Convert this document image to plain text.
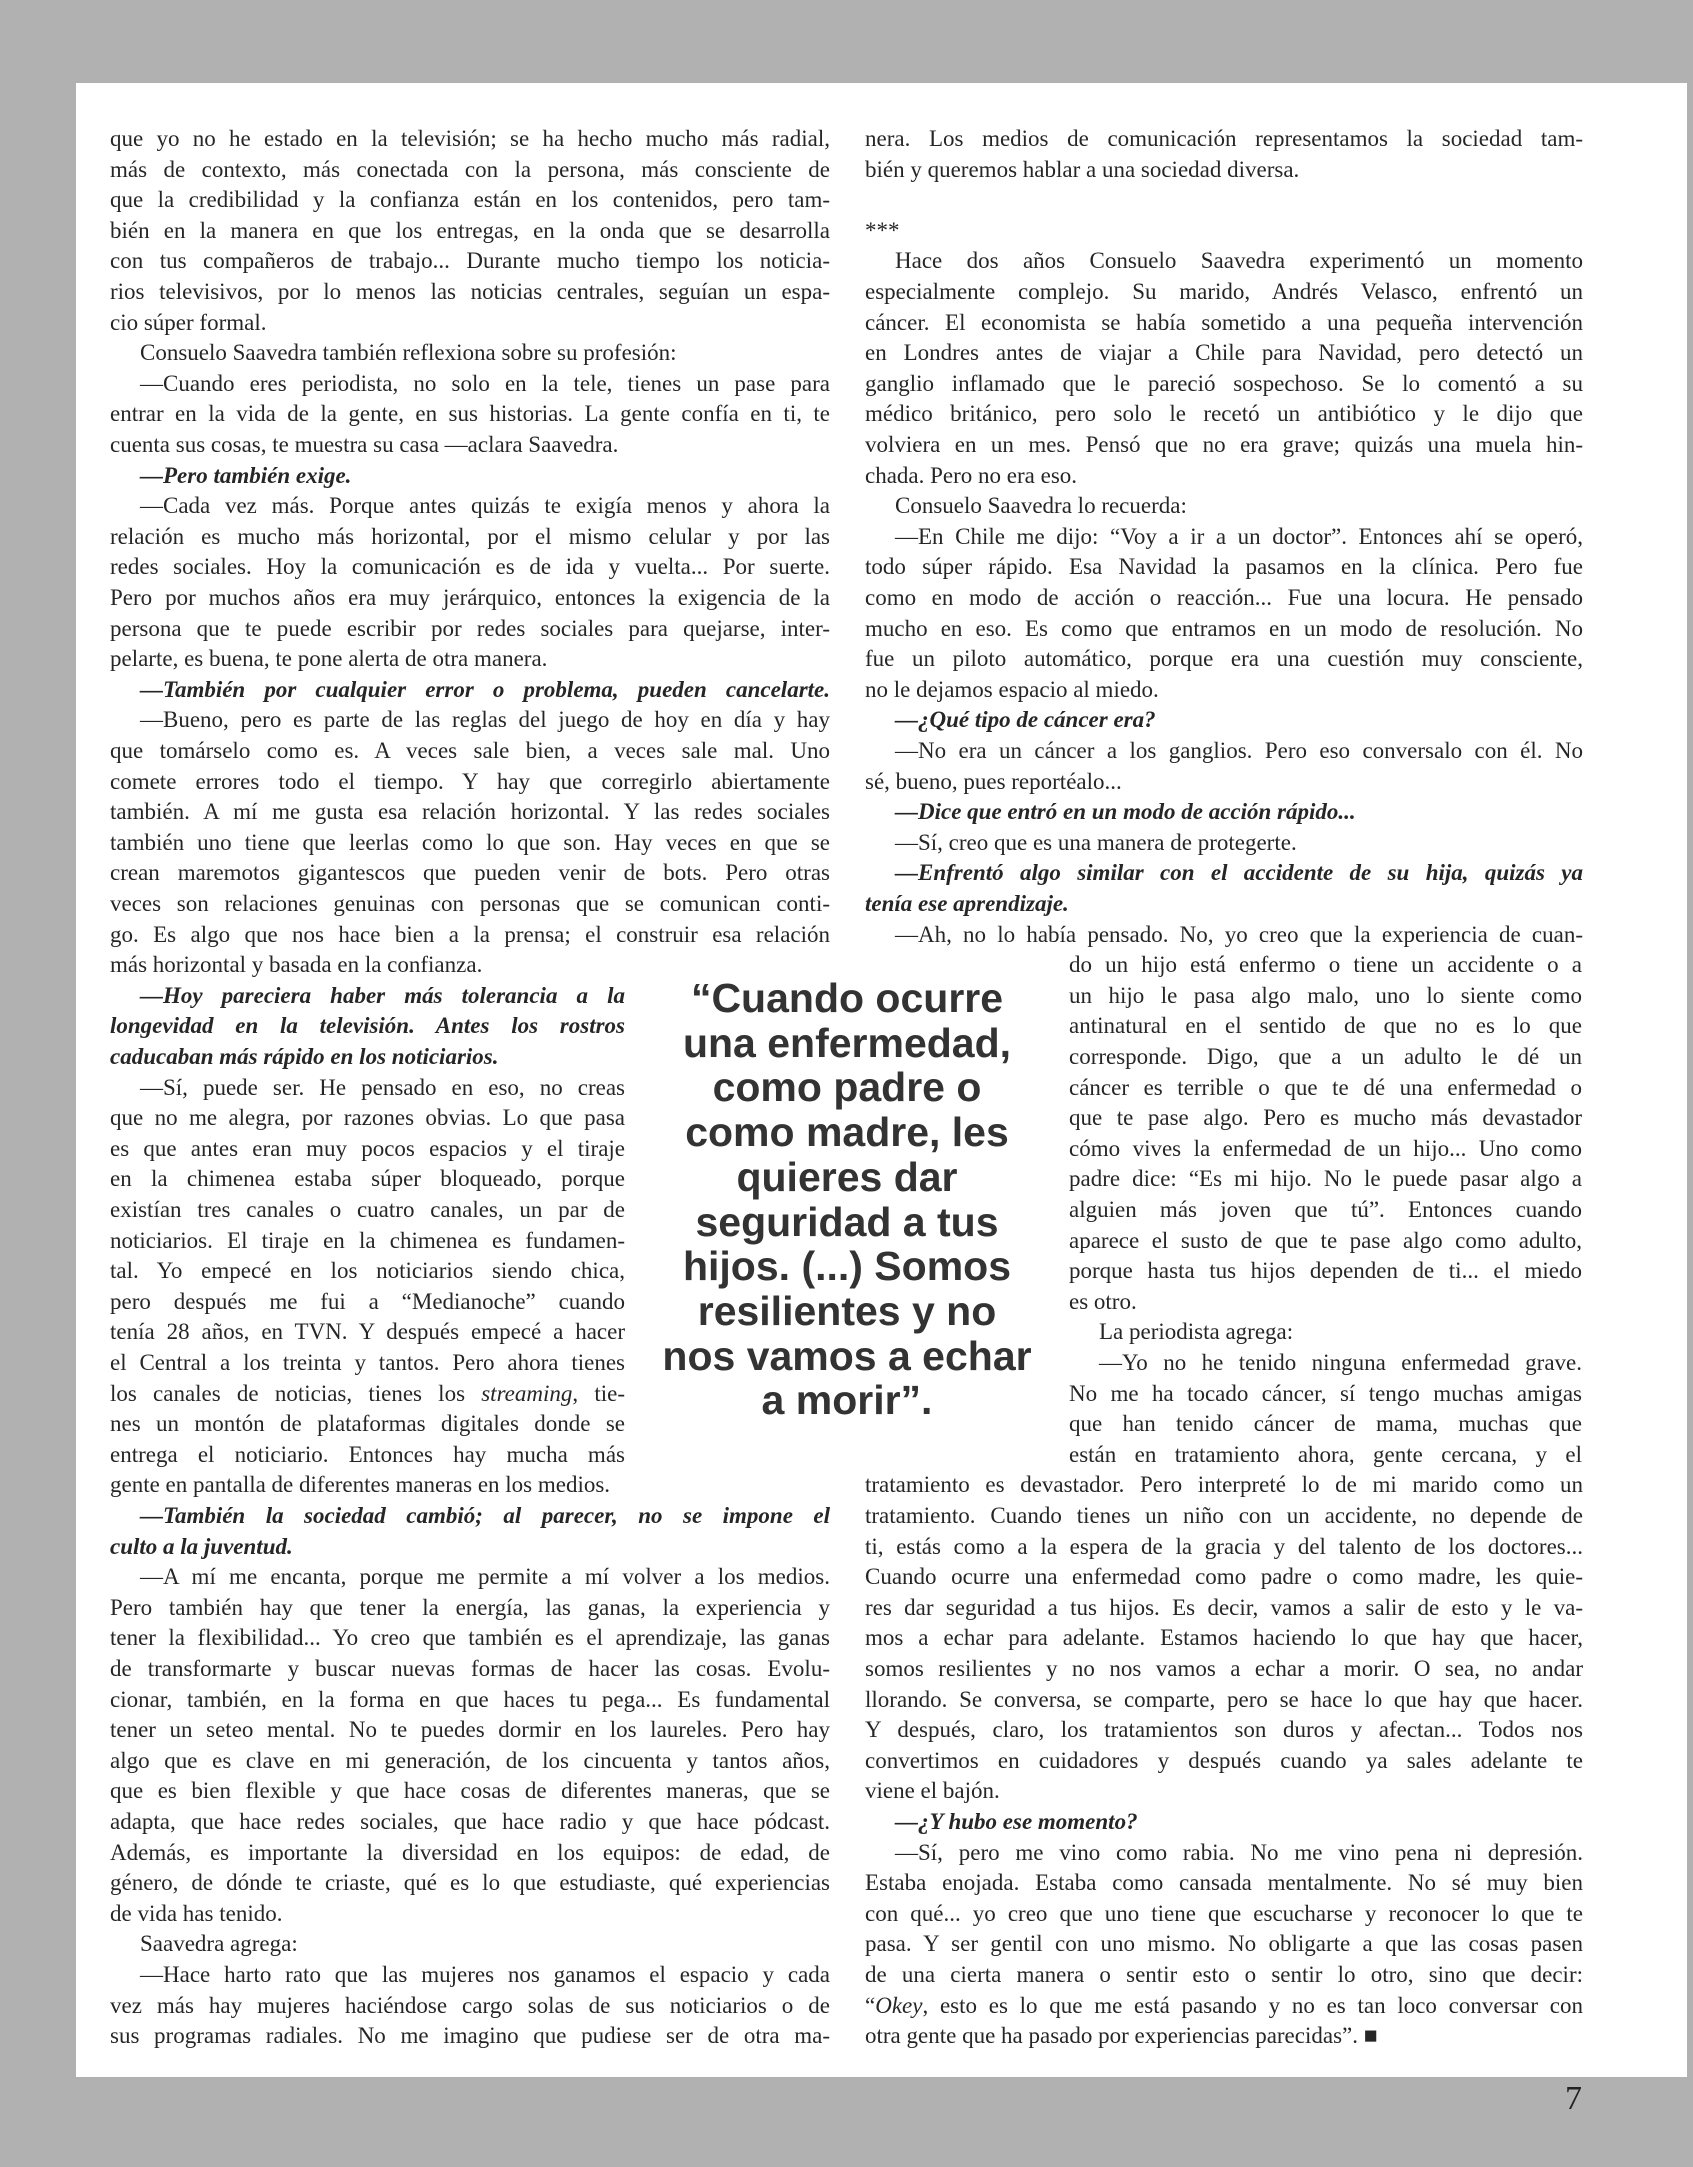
que yo no he estado en la televisión; se ha hecho mucho más radial,
más de contexto, más conectada con la persona, más consciente de
que la credibilidad y la confianza están en los contenidos, pero tam-
bién en la manera en que los entregas, en la onda que se desarrolla
con tus compañeros de trabajo... Durante mucho tiempo los noticia-
rios televisivos, por lo menos las noticias centrales, seguían un espa-
cio súper formal.
Consuelo Saavedra también reflexiona sobre su profesión:
—Cuando eres periodista, no solo en la tele, tienes un pase para
entrar en la vida de la gente, en sus historias. La gente confía en ti, te
cuenta sus cosas, te muestra su casa —aclara Saavedra.
—Pero también exige.
—Cada vez más. Porque antes quizás te exigía menos y ahora la
relación es mucho más horizontal, por el mismo celular y por las
redes sociales. Hoy la comunicación es de ida y vuelta... Por suerte.
Pero por muchos años era muy jerárquico, entonces la exigencia de la
persona que te puede escribir por redes sociales para quejarse, inter-
pelarte, es buena, te pone alerta de otra manera.
—También por cualquier error o problema, pueden cancelarte.
—Bueno, pero es parte de las reglas del juego de hoy en día y hay
que tomárselo como es. A veces sale bien, a veces sale mal. Uno
comete errores todo el tiempo. Y hay que corregirlo abiertamente
también. A mí me gusta esa relación horizontal. Y las redes sociales
también uno tiene que leerlas como lo que son. Hay veces en que se
crean maremotos gigantescos que pueden venir de bots. Pero otras
veces son relaciones genuinas con personas que se comunican conti-
go. Es algo que nos hace bien a la prensa; el construir esa relación
más horizontal y basada en la confianza.
—Hoy pareciera haber más tolerancia a la
longevidad en la televisión. Antes los rostros
caducaban más rápido en los noticiarios.
—Sí, puede ser. He pensado en eso, no creas
que no me alegra, por razones obvias. Lo que pasa
es que antes eran muy pocos espacios y el tiraje
en la chimenea estaba súper bloqueado, porque
existían tres canales o cuatro canales, un par de
noticiarios. El tiraje en la chimenea es fundamen-
tal. Yo empecé en los noticiarios siendo chica,
pero después me fui a “Medianoche” cuando
tenía 28 años, en TVN. Y después empecé a hacer
el Central a los treinta y tantos. Pero ahora tienes
los canales de noticias, tienes los streaming, tie-
nes un montón de plataformas digitales donde se
entrega el noticiario. Entonces hay mucha más
gente en pantalla de diferentes maneras en los medios.
—También la sociedad cambió; al parecer, no se impone el
culto a la juventud.
—A mí me encanta, porque me permite a mí volver a los medios.
Pero también hay que tener la energía, las ganas, la experiencia y
tener la flexibilidad... Yo creo que también es el aprendizaje, las ganas
de transformarte y buscar nuevas formas de hacer las cosas. Evolu-
cionar, también, en la forma en que haces tu pega... Es fundamental
tener un seteo mental. No te puedes dormir en los laureles. Pero hay
algo que es clave en mi generación, de los cincuenta y tantos años,
que es bien flexible y que hace cosas de diferentes maneras, que se
adapta, que hace redes sociales, que hace radio y que hace pódcast.
Además, es importante la diversidad en los equipos: de edad, de
género, de dónde te criaste, qué es lo que estudiaste, qué experiencias
de vida has tenido.
Saavedra agrega:
—Hace harto rato que las mujeres nos ganamos el espacio y cada
vez más hay mujeres haciéndose cargo solas de sus noticiarios o de
sus programas radiales. No me imagino que pudiese ser de otra ma-
nera. Los medios de comunicación representamos la sociedad tam-
bién y queremos hablar a una sociedad diversa.
***
Hace dos años Consuelo Saavedra experimentó un momento
especialmente complejo. Su marido, Andrés Velasco, enfrentó un
cáncer. El economista se había sometido a una pequeña intervención
en Londres antes de viajar a Chile para Navidad, pero detectó un
ganglio inflamado que le pareció sospechoso. Se lo comentó a su
médico británico, pero solo le recetó un antibiótico y le dijo que
volviera en un mes. Pensó que no era grave; quizás una muela hin-
chada. Pero no era eso.
Consuelo Saavedra lo recuerda:
—En Chile me dijo: “Voy a ir a un doctor”. Entonces ahí se operó,
todo súper rápido. Esa Navidad la pasamos en la clínica. Pero fue
como en modo de acción o reacción... Fue una locura. He pensado
mucho en eso. Es como que entramos en un modo de resolución. No
fue un piloto automático, porque era una cuestión muy consciente,
no le dejamos espacio al miedo.
—¿Qué tipo de cáncer era?
—No era un cáncer a los ganglios. Pero eso conversalo con él. No
sé, bueno, pues reportéalo...
—Dice que entró en un modo de acción rápido...
—Sí, creo que es una manera de protegerte.
—Enfrentó algo similar con el accidente de su hija, quizás ya
tenía ese aprendizaje.
—Ah, no lo había pensado. No, yo creo que la experiencia de cuan-
do un hijo está enfermo o tiene un accidente o a
un hijo le pasa algo malo, uno lo siente como
antinatural en el sentido de que no es lo que
corresponde. Digo, que a un adulto le dé un
cáncer es terrible o que te dé una enfermedad o
que te pase algo. Pero es mucho más devastador
cómo vives la enfermedad de un hijo... Uno como
padre dice: “Es mi hijo. No le puede pasar algo a
alguien más joven que tú”. Entonces cuando
aparece el susto de que te pase algo como adulto,
porque hasta tus hijos dependen de ti... el miedo
es otro.
La periodista agrega:
—Yo no he tenido ninguna enfermedad grave.
No me ha tocado cáncer, sí tengo muchas amigas
que han tenido cáncer de mama, muchas que
están en tratamiento ahora, gente cercana, y el
tratamiento es devastador. Pero interpreté lo de mi marido como un
tratamiento. Cuando tienes un niño con un accidente, no depende de
ti, estás como a la espera de la gracia y del talento de los doctores...
Cuando ocurre una enfermedad como padre o como madre, les quie-
res dar seguridad a tus hijos. Es decir, vamos a salir de esto y le va-
mos a echar para adelante. Estamos haciendo lo que hay que hacer,
somos resilientes y no nos vamos a echar a morir. O sea, no andar
llorando. Se conversa, se comparte, pero se hace lo que hay que hacer.
Y después, claro, los tratamientos son duros y afectan... Todos nos
convertimos en cuidadores y después cuando ya sales adelante te
viene el bajón.
—¿Y hubo ese momento?
—Sí, pero me vino como rabia. No me vino pena ni depresión.
Estaba enojada. Estaba como cansada mentalmente. No sé muy bien
con qué... yo creo que uno tiene que escucharse y reconocer lo que te
pasa. Y ser gentil con uno mismo. No obligarte a que las cosas pasen
de una cierta manera o sentir esto o sentir lo otro, sino que decir:
“Okey, esto es lo que me está pasando y no es tan loco conversar con
otra gente que ha pasado por experiencias parecidas”. ■
“Cuando ocurre
una enfermedad,
como padre o
como madre, les
quieres dar
seguridad a tus
hijos. (...) Somos
resilientes y no
nos vamos a echar
a morir”.
7
